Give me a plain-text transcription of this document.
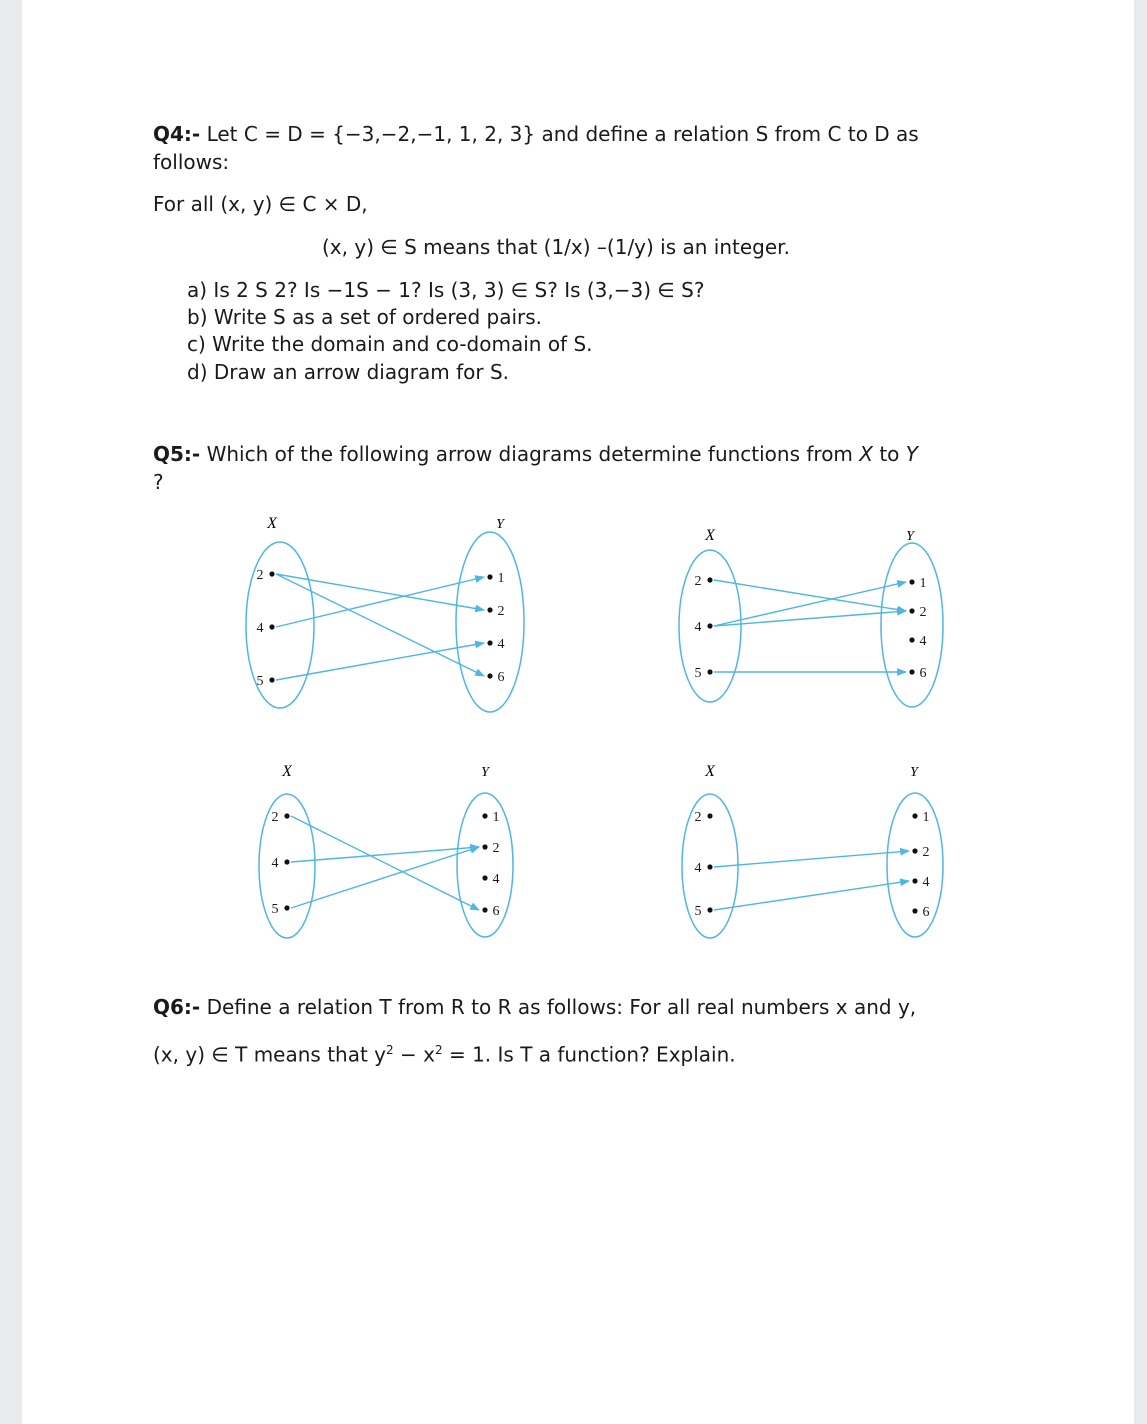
Q4:- Let C = D = {−3,−2,−1, 1, 2, 3} and define a relation S from C to D as
follows:
For all (x, y) ∈ C × D,
(x, y) ∈ S means that (1/x) –(1/y) is an integer.
a) Is 2 S 2? Is −1S − 1? Is (3, 3) ∈ S? Is (3,−3) ∈ S?
b) Write S as a set of ordered pairs.
c) Write the domain and co-domain of S.
d) Draw an arrow diagram for S.
Q5:- Which of the following arrow diagrams determine functions from X to Y
?
X	Y
2
4
5
1
2
4
6
X	Y
2
4
5
1
2
4
6
X	Y
2
4
5
1
2
4
6
X	Y
2
4
5
1
2
4
6
Q6:- Define a relation T from R to R as follows: For all real numbers x and y,
(x, y) ∈ T means that $y^2 - x^2 = 1$. Is T a function? Explain.
